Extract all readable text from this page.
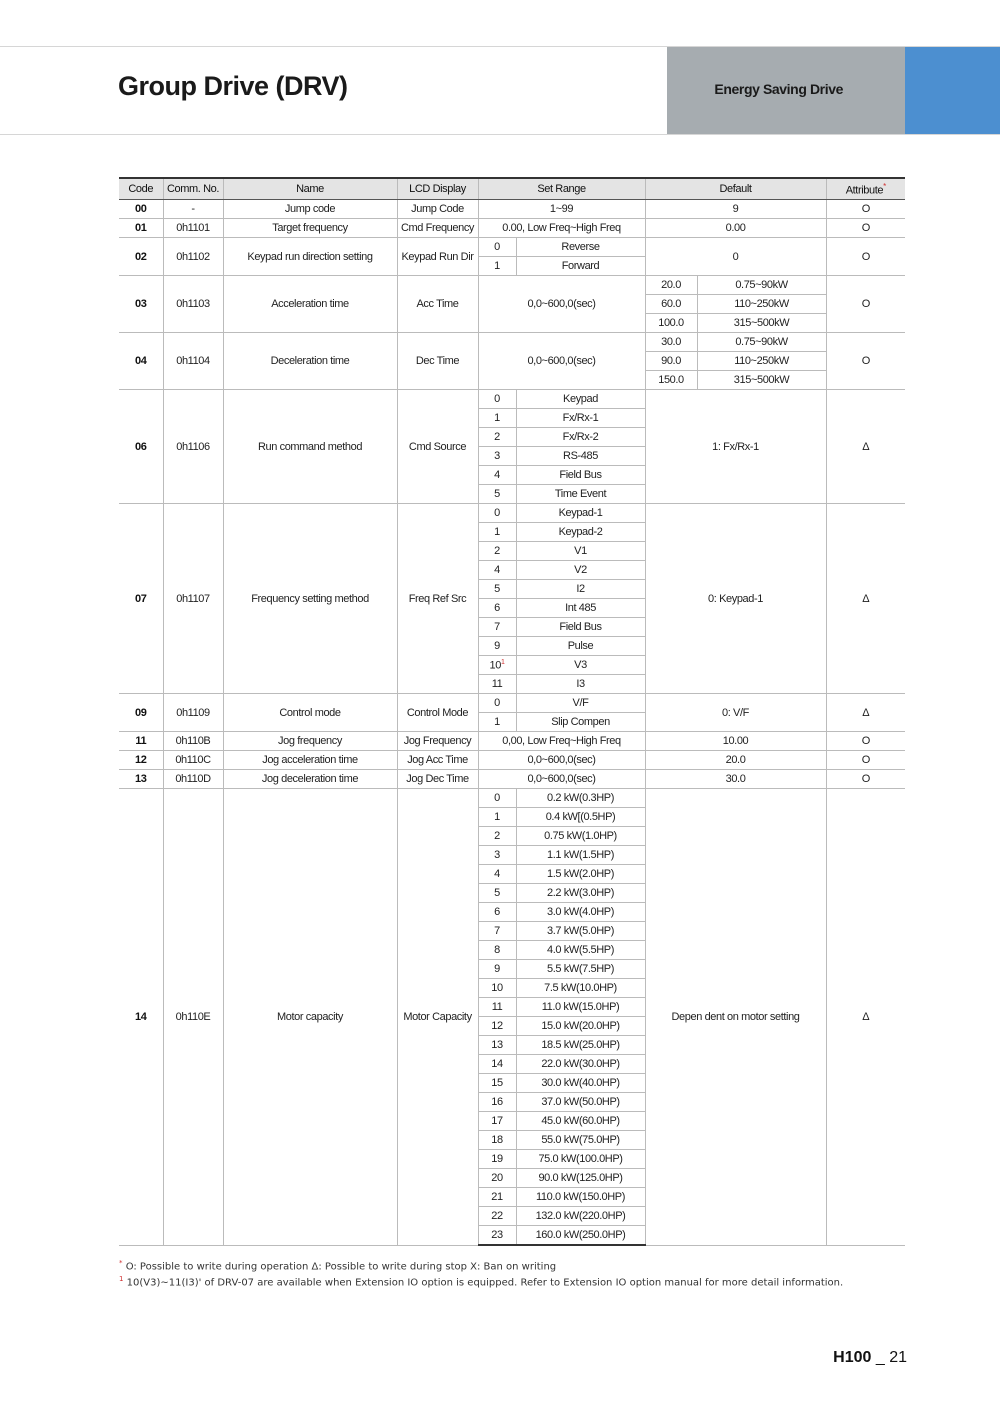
Group Drive (DRV)	Energy Saving Drive
Code	Comm. No.	Name	LCD Display	Set Range		Default		Attribute*
00	-	Jump code	Jump Code	1~99		9		O
01	0h1101	Target frequency	Cmd Frequency	0.00, Low Freq~High Freq		0.00		O
02	0h1102	Keypad run direction setting	Keypad Run Dir	0	Reverse	0		O
				1	Forward			
03	0h1103	Acceleration time	Acc Time	0,0~600,0(sec)		20.0	0.75~90kW	O
						60.0	110~250kW	
						100.0	315~500kW	
04	0h1104	Deceleration time	Dec Time	0,0~600,0(sec)		30.0	0.75~90kW	O
						90.0	110~250kW	
						150.0	315~500kW	
06	0h1106	Run command method	Cmd Source	0	Keypad	1: Fx/Rx-1		Δ
				1	Fx/Rx-1			
				2	Fx/Rx-2			
				3	RS-485			
				4	Field Bus			
				5	Time Event			
07	0h1107	Frequency setting method	Freq Ref Src	0	Keypad-1	0: Keypad-1		Δ
				1	Keypad-2			
				2	V1			
				4	V2			
				5	I2			
				6	Int 485			
				7	Field Bus			
				9	Pulse			
				10$^1$	V3			
				11	I3			
09	0h1109	Control mode	Control Mode	0	V/F	0: V/F		Δ
				1	Slip Compen			
11	0h110B	Jog frequency	Jog Frequency	0,00, Low Freq~High Freq		10.00		O
12	0h110C	Jog acceleration time	Jog Acc Time	0,0~600,0(sec)		20.0		O
13	0h110D	Jog deceleration time	Jog Dec Time	0,0~600,0(sec)		30.0		O
14	0h110E	Motor capacity	Motor Capacity	0	0.2 kW(0.3HP)	Depen dent on motor setting		Δ
				1	0.4 kW[(0.5HP)			
				2	0.75 kW(1.0HP)			
				3	1.1 kW(1.5HP)			
				4	1.5 kW(2.0HP)			
				5	2.2 kW(3.0HP)			
				6	3.0 kW(4.0HP)			
				7	3.7 kW(5.0HP)			
				8	4.0 kW(5.5HP)			
				9	5.5 kW(7.5HP)			
				10	7.5 kW(10.0HP)			
				11	11.0 kW(15.0HP)			
				12	15.0 kW(20.0HP)			
				13	18.5 kW(25.0HP)			
				14	22.0 kW(30.0HP)			
				15	30.0 kW(40.0HP)			
				16	37.0 kW(50.0HP)			
				17	45.0 kW(60.0HP)			
				18	55.0 kW(75.0HP)			
				19	75.0 kW(100.0HP)			
				20	90.0 kW(125.0HP)			
				21	110.0 kW(150.0HP)			
				22	132.0 kW(220.0HP)			
				23	160.0 kW(250.0HP)			
* O: Possible to write during operation Δ: Possible to write during stop X: Ban on writing
$^1$ 10(V3)~11(I3)' of DRV-07 are available when Extension IO option is equipped. Refer to Extension IO option manual for more detail information.
H100 _ 21
